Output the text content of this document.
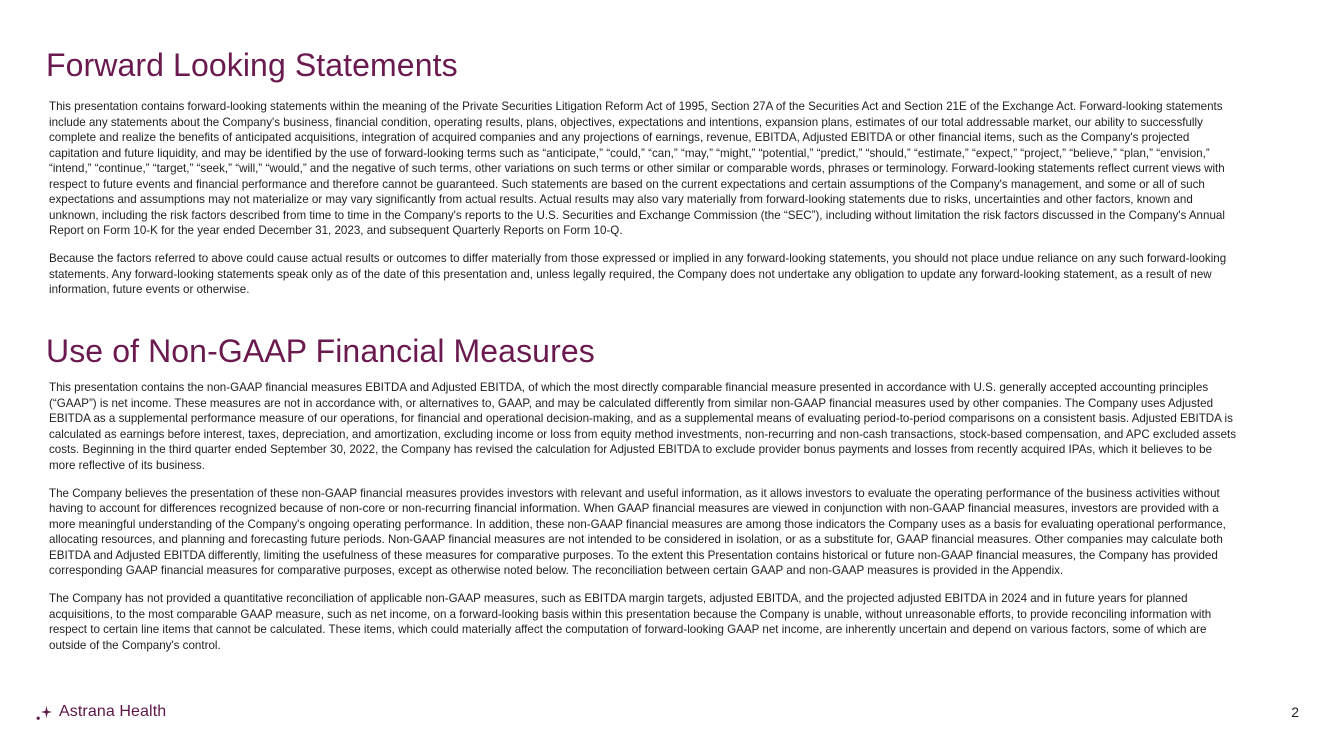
Forward Looking Statements

This presentation contains forward-looking statements within the meaning of the Private Securities Litigation Reform Act of 1995, Section 27A of the Securities Act and Section 21E of the Exchange Act. Forward-looking statements include any statements about the Company's business, financial condition, operating results, plans, objectives, expectations and intentions, expansion plans, estimates of our total addressable market, our ability to successfully complete and realize the benefits of anticipated acquisitions, integration of acquired companies and any projections of earnings, revenue, EBITDA, Adjusted EBITDA or other financial items, such as the Company's projected capitation and future liquidity, and may be identified by the use of forward-looking terms such as “anticipate,” “could,” “can,” “may,” “might,” “potential,” “predict,” “should,” “estimate,” “expect,” “project,” “believe,” “plan,” “envision,” “intend,” “continue,” “target,” “seek,” “will,” “would,” and the negative of such terms, other variations on such terms or other similar or comparable words, phrases or terminology. Forward-looking statements reflect current views with respect to future events and financial performance and therefore cannot be guaranteed. Such statements are based on the current expectations and certain assumptions of the Company's management, and some or all of such expectations and assumptions may not materialize or may vary significantly from actual results. Actual results may also vary materially from forward-looking statements due to risks, uncertainties and other factors, known and unknown, including the risk factors described from time to time in the Company's reports to the U.S. Securities and Exchange Commission (the “SEC”), including without limitation the risk factors discussed in the Company's Annual Report on Form 10-K for the year ended December 31, 2023, and subsequent Quarterly Reports on Form 10-Q.

Because the factors referred to above could cause actual results or outcomes to differ materially from those expressed or implied in any forward-looking statements, you should not place undue reliance on any such forward-looking statements. Any forward-looking statements speak only as of the date of this presentation and, unless legally required, the Company does not undertake any obligation to update any forward-looking statement, as a result of new information, future events or otherwise.

Use of Non-GAAP Financial Measures

This presentation contains the non-GAAP financial measures EBITDA and Adjusted EBITDA, of which the most directly comparable financial measure presented in accordance with U.S. generally accepted accounting principles (“GAAP”) is net income. These measures are not in accordance with, or alternatives to, GAAP, and may be calculated differently from similar non-GAAP financial measures used by other companies. The Company uses Adjusted EBITDA as a supplemental performance measure of our operations, for financial and operational decision-making, and as a supplemental means of evaluating period-to-period comparisons on a consistent basis. Adjusted EBITDA is calculated as earnings before interest, taxes, depreciation, and amortization, excluding income or loss from equity method investments, non-recurring and non-cash transactions, stock-based compensation, and APC excluded assets costs. Beginning in the third quarter ended September 30, 2022, the Company has revised the calculation for Adjusted EBITDA to exclude provider bonus payments and losses from recently acquired IPAs, which it believes to be more reflective of its business.

The Company believes the presentation of these non-GAAP financial measures provides investors with relevant and useful information, as it allows investors to evaluate the operating performance of the business activities without having to account for differences recognized because of non-core or non-recurring financial information. When GAAP financial measures are viewed in conjunction with non-GAAP financial measures, investors are provided with a more meaningful understanding of the Company's ongoing operating performance. In addition, these non-GAAP financial measures are among those indicators the Company uses as a basis for evaluating operational performance, allocating resources, and planning and forecasting future periods. Non-GAAP financial measures are not intended to be considered in isolation, or as a substitute for, GAAP financial measures. Other companies may calculate both EBITDA and Adjusted EBITDA differently, limiting the usefulness of these measures for comparative purposes. To the extent this Presentation contains historical or future non-GAAP financial measures, the Company has provided corresponding GAAP financial measures for comparative purposes, except as otherwise noted below. The reconciliation between certain GAAP and non-GAAP measures is provided in the Appendix.

The Company has not provided a quantitative reconciliation of applicable non-GAAP measures, such as EBITDA margin targets, adjusted EBITDA, and the projected adjusted EBITDA in 2024 and in future years for planned acquisitions, to the most comparable GAAP measure, such as net income, on a forward-looking basis within this presentation because the Company is unable, without unreasonable efforts, to provide reconciling information with respect to certain line items that cannot be calculated. These items, which could materially affect the computation of forward-looking GAAP net income, are inherently uncertain and depend on various factors, some of which are outside of the Company's control.

Astrana Health	2
